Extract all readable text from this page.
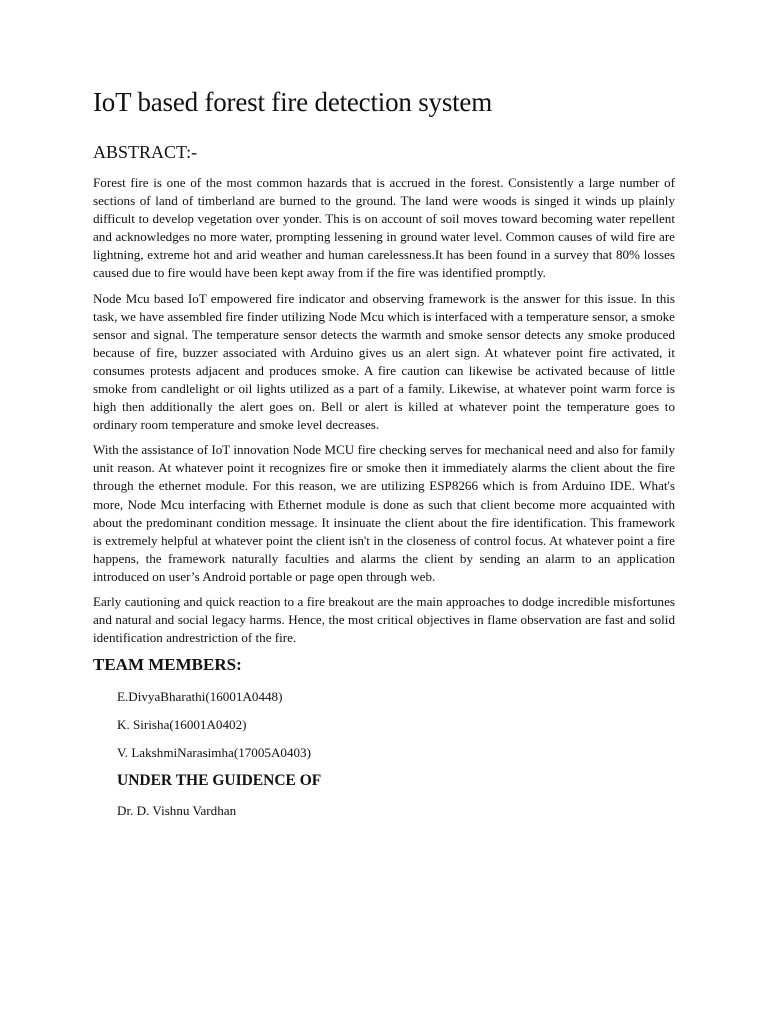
IoT based forest fire detection system
ABSTRACT:-

Forest fire is one of the most common hazards that is accrued in the forest. Consistently a large number of sections of land of timberland are burned to the ground. The land were woods is singed it winds up plainly difficult to develop vegetation over yonder. This is on account of soil moves toward becoming water repellent and acknowledges no more water, prompting lessening in ground water level. Common causes of wild fire are lightning, extreme hot and arid weather and human carelessness.It has been found in a survey that 80% losses caused due to fire would have been kept away from if the fire was identified promptly.

Node Mcu based IoT empowered fire indicator and observing framework is the answer for this issue. In this task, we have assembled fire finder utilizing Node Mcu which is interfaced with a temperature sensor, a smoke sensor and signal. The temperature sensor detects the warmth and smoke sensor detects any smoke produced because of fire, buzzer associated with Arduino gives us an alert sign. At whatever point fire activated, it consumes protests adjacent and produces smoke. A fire caution can likewise be activated because of little smoke from candlelight or oil lights utilized as a part of a family. Likewise, at whatever point warm force is high then additionally the alert goes on. Bell or alert is killed at whatever point the temperature goes to ordinary room temperature and smoke level decreases.

With the assistance of IoT innovation Node MCU fire checking serves for mechanical need and also for family unit reason. At whatever point it recognizes fire or smoke then it immediately alarms the client about the fire through the ethernet module. For this reason, we are utilizing ESP8266 which is from Arduino IDE. What's more, Node Mcu interfacing with Ethernet module is done as such that client become more acquainted with about the predominant condition message. It insinuate the client about the fire identification. This framework is extremely helpful at whatever point the client isn't in the closeness of control focus. At whatever point a fire happens, the framework naturally faculties and alarms the client by sending an alarm to an application introduced on user’s Android portable or page open through web.

Early cautioning and quick reaction to a fire breakout are the main approaches to dodge incredible misfortunes and natural and social legacy harms. Hence, the most critical objectives in flame observation are fast and solid identification andrestriction of the fire.

TEAM MEMBERS:
E.DivyaBharathi(16001A0448)
K. Sirisha(16001A0402)
V. LakshmiNarasimha(17005A0403)
UNDER THE GUIDENCE OF

Dr. D. Vishnu Vardhan
